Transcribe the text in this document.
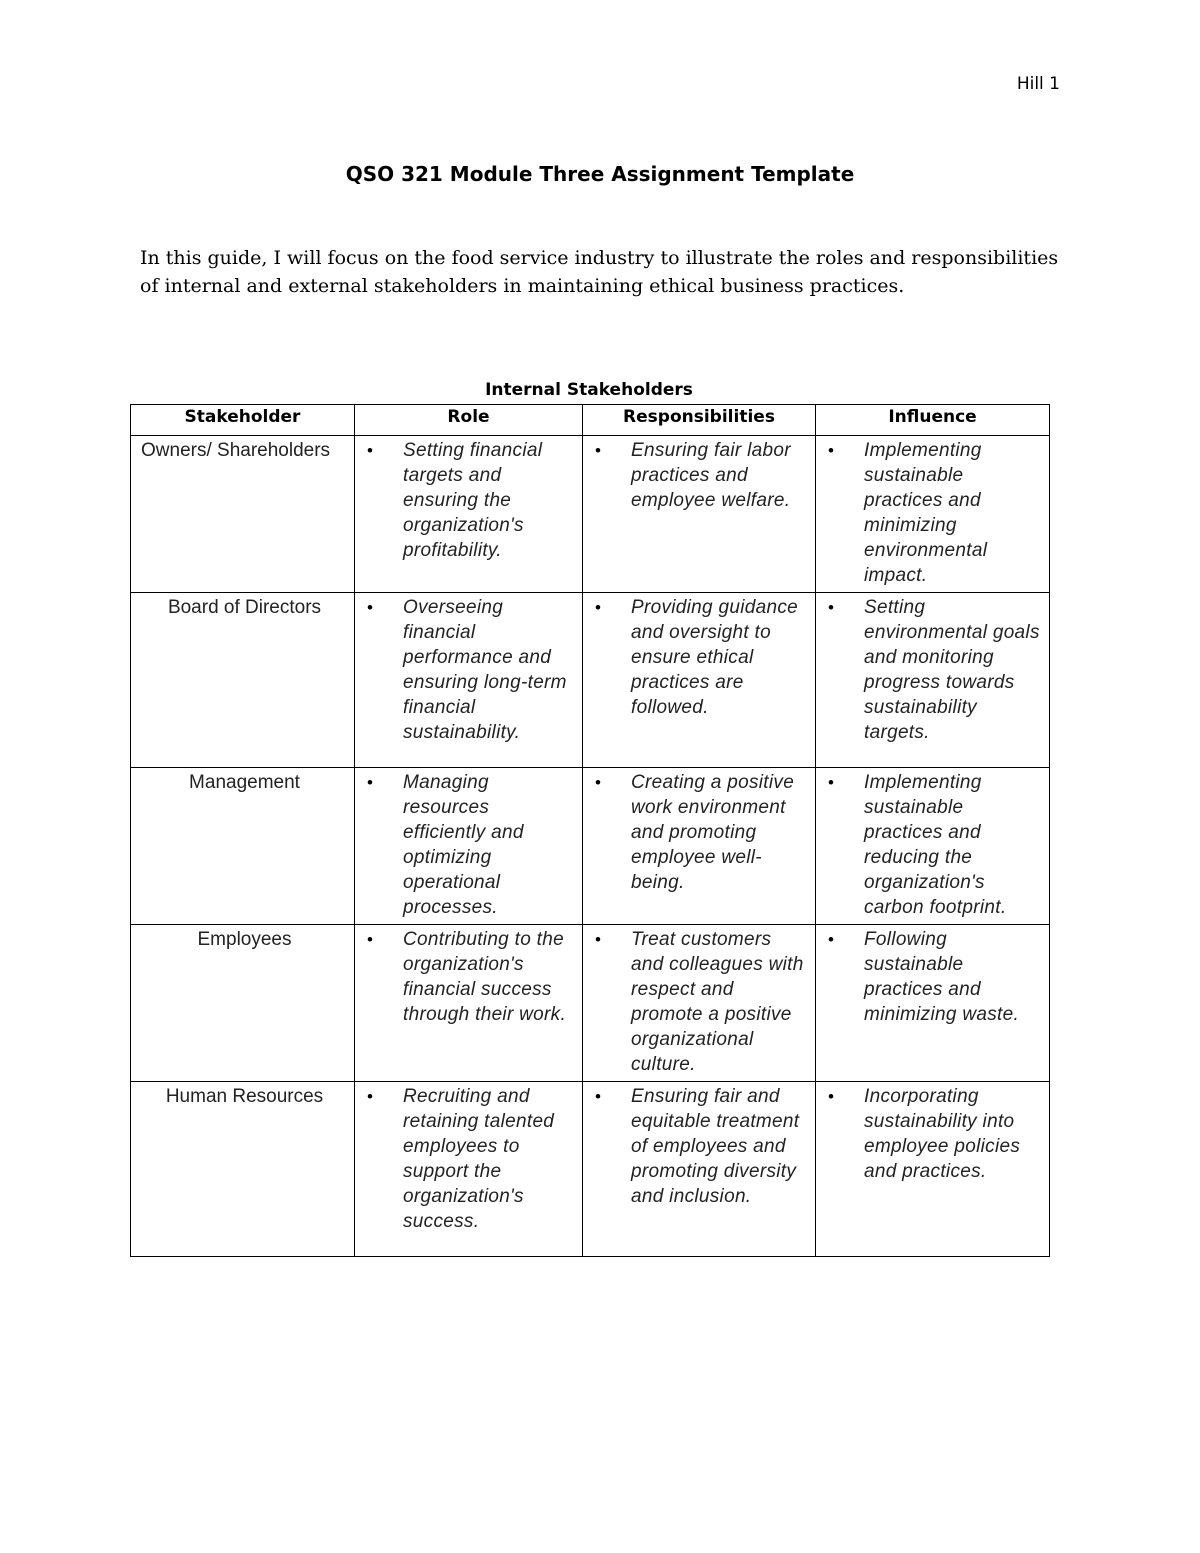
Hill 1
QSO 321 Module Three Assignment Template
In this guide, I will focus on the food service industry to illustrate the roles and responsibilities of internal and external stakeholders in maintaining ethical business practices.
Internal Stakeholders
Stakeholder	Role	Responsibilities	Influence
Owners/ Shareholders	• Setting financial targets and ensuring the organization's profitability.	• Ensuring fair labor practices and employee welfare.	• Implementing sustainable practices and minimizing environmental impact.

Board of Directors	• Overseeing financial performance and ensuring long-term financial sustainability.	• Providing guidance and oversight to ensure ethical practices are followed.	• Setting environmental goals and monitoring progress towards sustainability targets.

Management	• Managing resources efficiently and optimizing operational processes.	• Creating a positive work environment and promoting employee well-being.	• Implementing sustainable practices and reducing the organization's carbon footprint.

Employees	• Contributing to the organization's financial success through their work.	• Treat customers and colleagues with respect and promote a positive organizational culture.	• Following sustainable practices and minimizing waste.

Human Resources	• Recruiting and retaining talented employees to support the organization's success.	• Ensuring fair and equitable treatment of employees and promoting diversity and inclusion.	• Incorporating sustainability into employee policies and practices.
